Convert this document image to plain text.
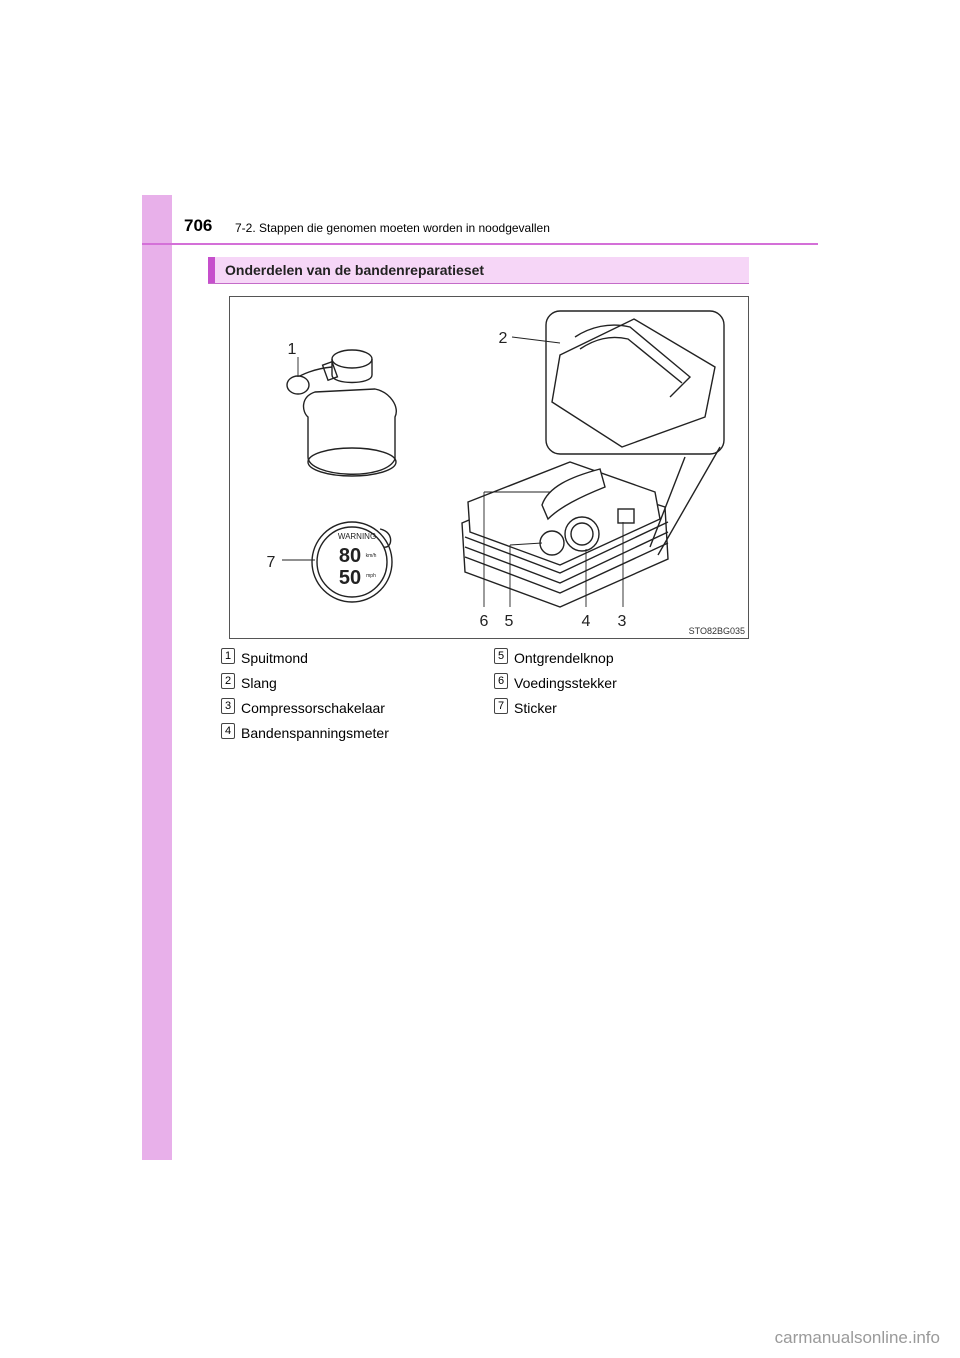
706 7-2. Stappen die genomen moeten worden in noodgevallen
Onderdelen van de bandenreparatieset
1
2
3
4
5
6
7
WARNING
80 km/h
50 mph
STO82BG035
1 Spuitmond
2 Slang
3 Compressorschakelaar
4 Bandenspanningsmeter
5 Ontgrendelknop
6 Voedingsstekker
7 Sticker
carmanualsonline.info
